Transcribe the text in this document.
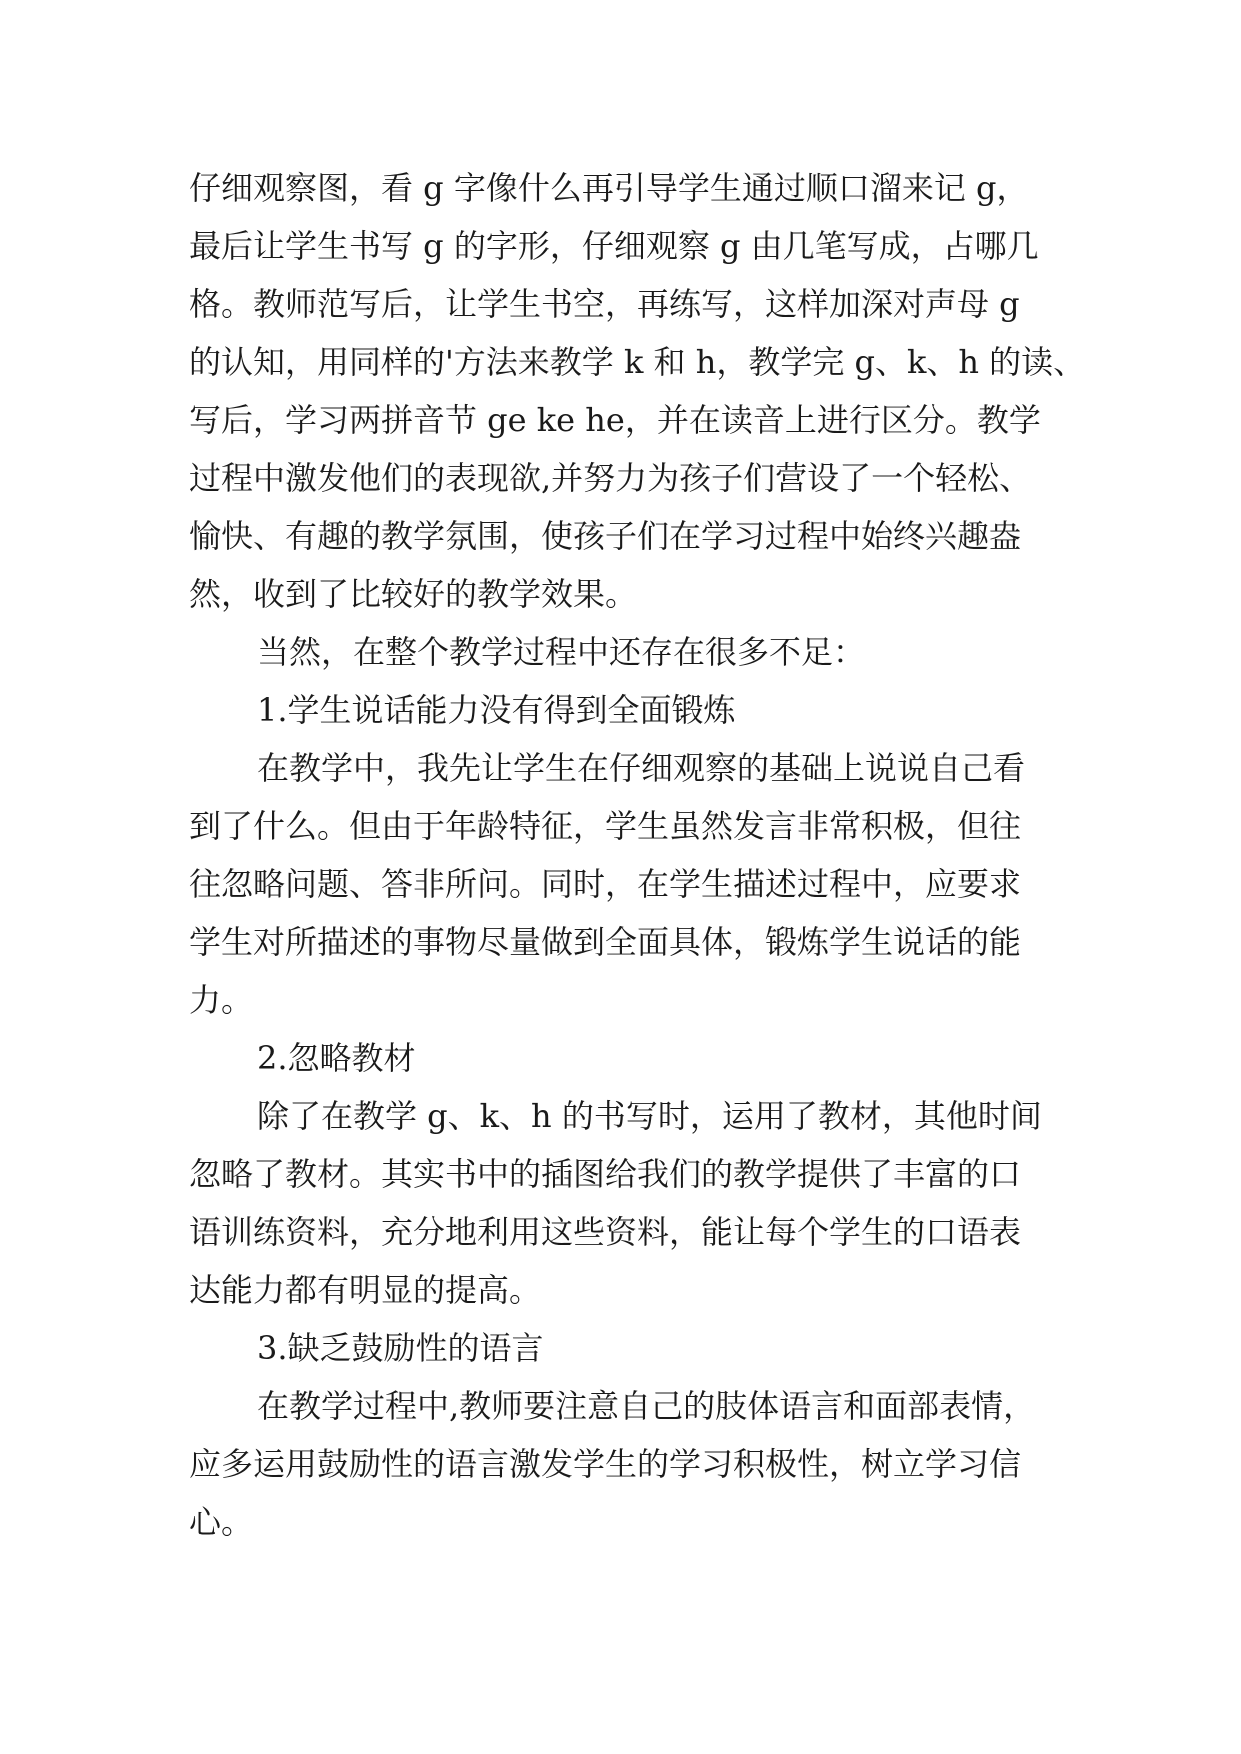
仔细观察图，看 g 字像什么再引导学生通过顺口溜来记 g，
最后让学生书写 g 的字形，仔细观察 g 由几笔写成，占哪几
格。教师范写后，让学生书空，再练写，这样加深对声母 g
的认知，用同样的'方法来教学 k 和 h，教学完 g、k、h 的读、
写后，学习两拼音节 ge ke he，并在读音上进行区分。教学
过程中激发他们的表现欲,并努力为孩子们营设了一个轻松、
愉快、有趣的教学氛围，使孩子们在学习过程中始终兴趣盎
然，收到了比较好的教学效果。
当然，在整个教学过程中还存在很多不足：
1.学生说话能力没有得到全面锻炼
在教学中，我先让学生在仔细观察的基础上说说自己看
到了什么。但由于年龄特征，学生虽然发言非常积极，但往
往忽略问题、答非所问。同时，在学生描述过程中，应要求
学生对所描述的事物尽量做到全面具体，锻炼学生说话的能
力。
2.忽略教材
除了在教学 g、k、h 的书写时，运用了教材，其他时间
忽略了教材。其实书中的插图给我们的教学提供了丰富的口
语训练资料，充分地利用这些资料，能让每个学生的口语表
达能力都有明显的提高。
3.缺乏鼓励性的语言
在教学过程中,教师要注意自己的肢体语言和面部表情，
应多运用鼓励性的语言激发学生的学习积极性，树立学习信
心。
